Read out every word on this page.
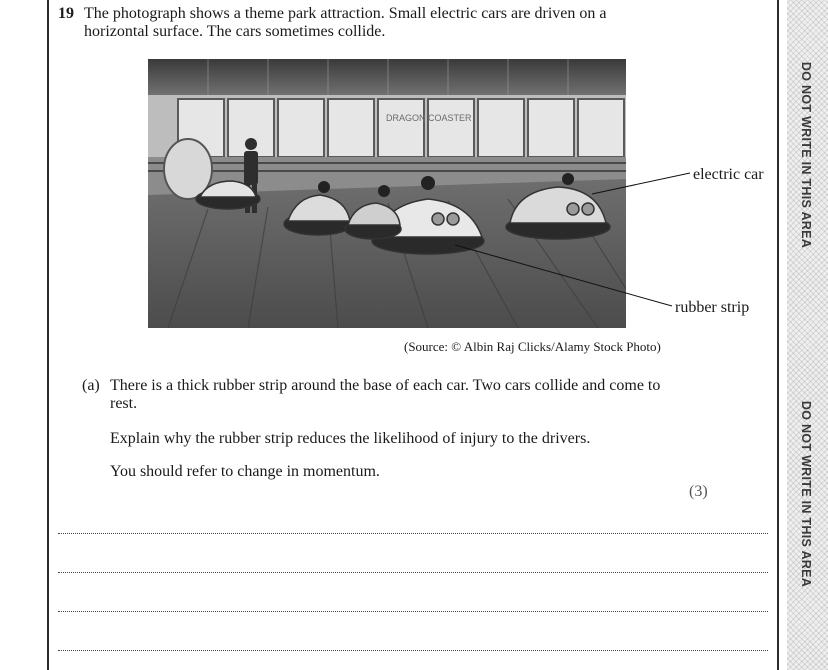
DO NOT WRITE IN THIS AREA
DO NOT WRITE IN THIS AREA
19 The photograph shows a theme park attraction. Small electric cars are driven on a horizontal surface. The cars sometimes collide.

DRAGON COASTER
electric car
rubber strip
(Source: © Albin Raj Clicks/Alamy Stock Photo)
(a) There is a thick rubber strip around the base of each car. Two cars collide and come to rest.

Explain why the rubber strip reduces the likelihood of injury to the drivers.
You should refer to change in momentum.
(3)
